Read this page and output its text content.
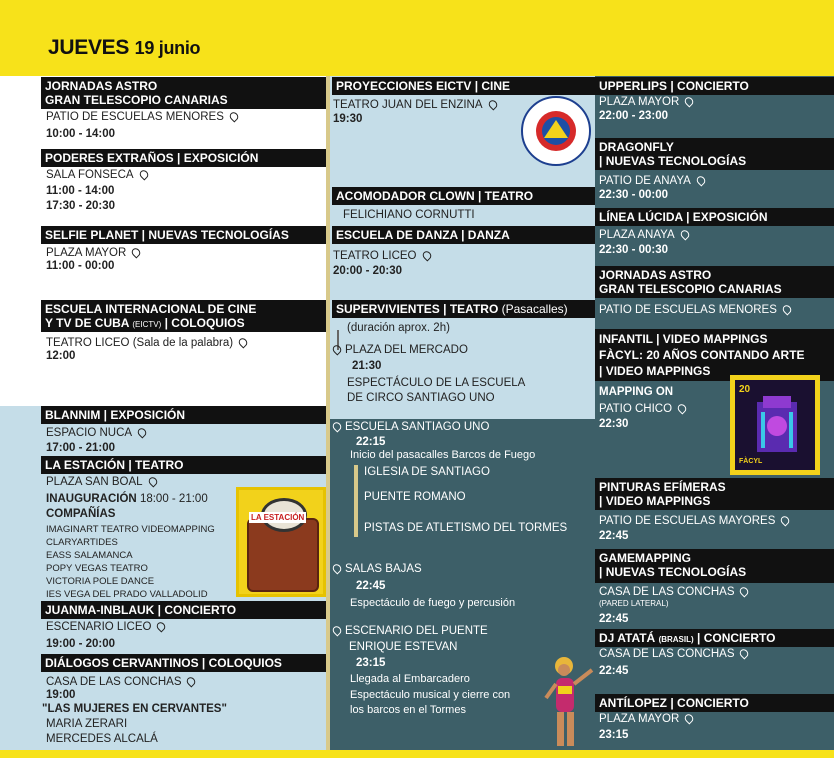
JUEVES 19 junio
JORNADAS ASTRO
GRAN TELESCOPIO CANARIAS
PATIO DE ESCUELAS MENORES
10:00 - 14:00
PODERES EXTRAÑOS | EXPOSICIÓN
SALA FONSECA
11:00 - 14:00
17:30 - 20:30
SELFIE PLANET | NUEVAS TECNOLOGÍAS
PLAZA MAYOR
11:00 - 00:00
ESCUELA INTERNACIONAL DE CINE
Y TV DE CUBA (EICTV) | COLOQUIOS
TEATRO LICEO (Sala de la palabra)
12:00
BLANNIM | EXPOSICIÓN
ESPACIO NUCA
17:00 - 21:00
LA ESTACIÓN | TEATRO
PLAZA SAN BOAL
INAUGURACIÓN 18:00 - 21:00
COMPAÑÍAS
IMAGINART TEATRO VIDEOMAPPING
CLARYARTIDES
EASS SALAMANCA
POPY VEGAS TEATRO
VICTORIA POLE DANCE
IES VEGA DEL PRADO VALLADOLID
LA ESTACIÓN
JUANMA-INBLAUK | CONCIERTO
ESCENARIO LICEO
19:00 - 20:00
DIÁLOGOS CERVANTINOS | COLOQUIOS
CASA DE LAS CONCHAS
19:00
"LAS MUJERES EN CERVANTES"
MARIA ZERARI
MERCEDES ALCALÁ
PROYECCIONES EICTV | CINE
TEATRO JUAN DEL ENZINA
19:30
ACOMODADOR CLOWN | TEATRO
FELICHIANO CORNUTTI
ESCUELA DE DANZA | DANZA
TEATRO LICEO
20:00 - 20:30
SUPERVIVIENTES | TEATRO (Pasacalles)
(duración aprox. 2h)
PLAZA DEL MERCADO
21:30
ESPECTÁCULO DE LA ESCUELA
DE CIRCO SANTIAGO UNO
ESCUELA SANTIAGO UNO
22:15
Inicio del pasacalles Barcos de Fuego
IGLESIA DE SANTIAGO
PUENTE ROMANO
PISTAS DE ATLETISMO DEL TORMES
SALAS BAJAS
22:45
Espectáculo de fuego y percusión
ESCENARIO DEL PUENTE
ENRIQUE ESTEVAN
23:15
Llegada al Embarcadero
Espectáculo musical y cierre con
los barcos en el Tormes
UPPERLIPS | CONCIERTO
PLAZA MAYOR
22:00 - 23:00
DRAGONFLY
| NUEVAS TECNOLOGÍAS
PATIO DE ANAYA
22:30 - 00:00
LÍNEA LÚCIDA | EXPOSICIÓN
PLAZA ANAYA
22:30 - 00:30
JORNADAS ASTRO
GRAN TELESCOPIO CANARIAS
PATIO DE ESCUELAS MENORES
INFANTIL | VIDEO MAPPINGS
FÀCYL: 20 AÑOS CONTANDO ARTE
| VIDEO MAPPINGS
MAPPING ON
PATIO CHICO
22:30
20
FÀCYL
PINTURAS EFÍMERAS
| VIDEO MAPPINGS
PATIO DE ESCUELAS MAYORES
22:45
GAMEMAPPING
| NUEVAS TECNOLOGÍAS
CASA DE LAS CONCHAS
(PARED LATERAL)
22:45
DJ ATATÁ (BRASIL) | CONCIERTO
CASA DE LAS CONCHAS
22:45
ANTÍLOPEZ | CONCIERTO
PLAZA MAYOR
23:15
